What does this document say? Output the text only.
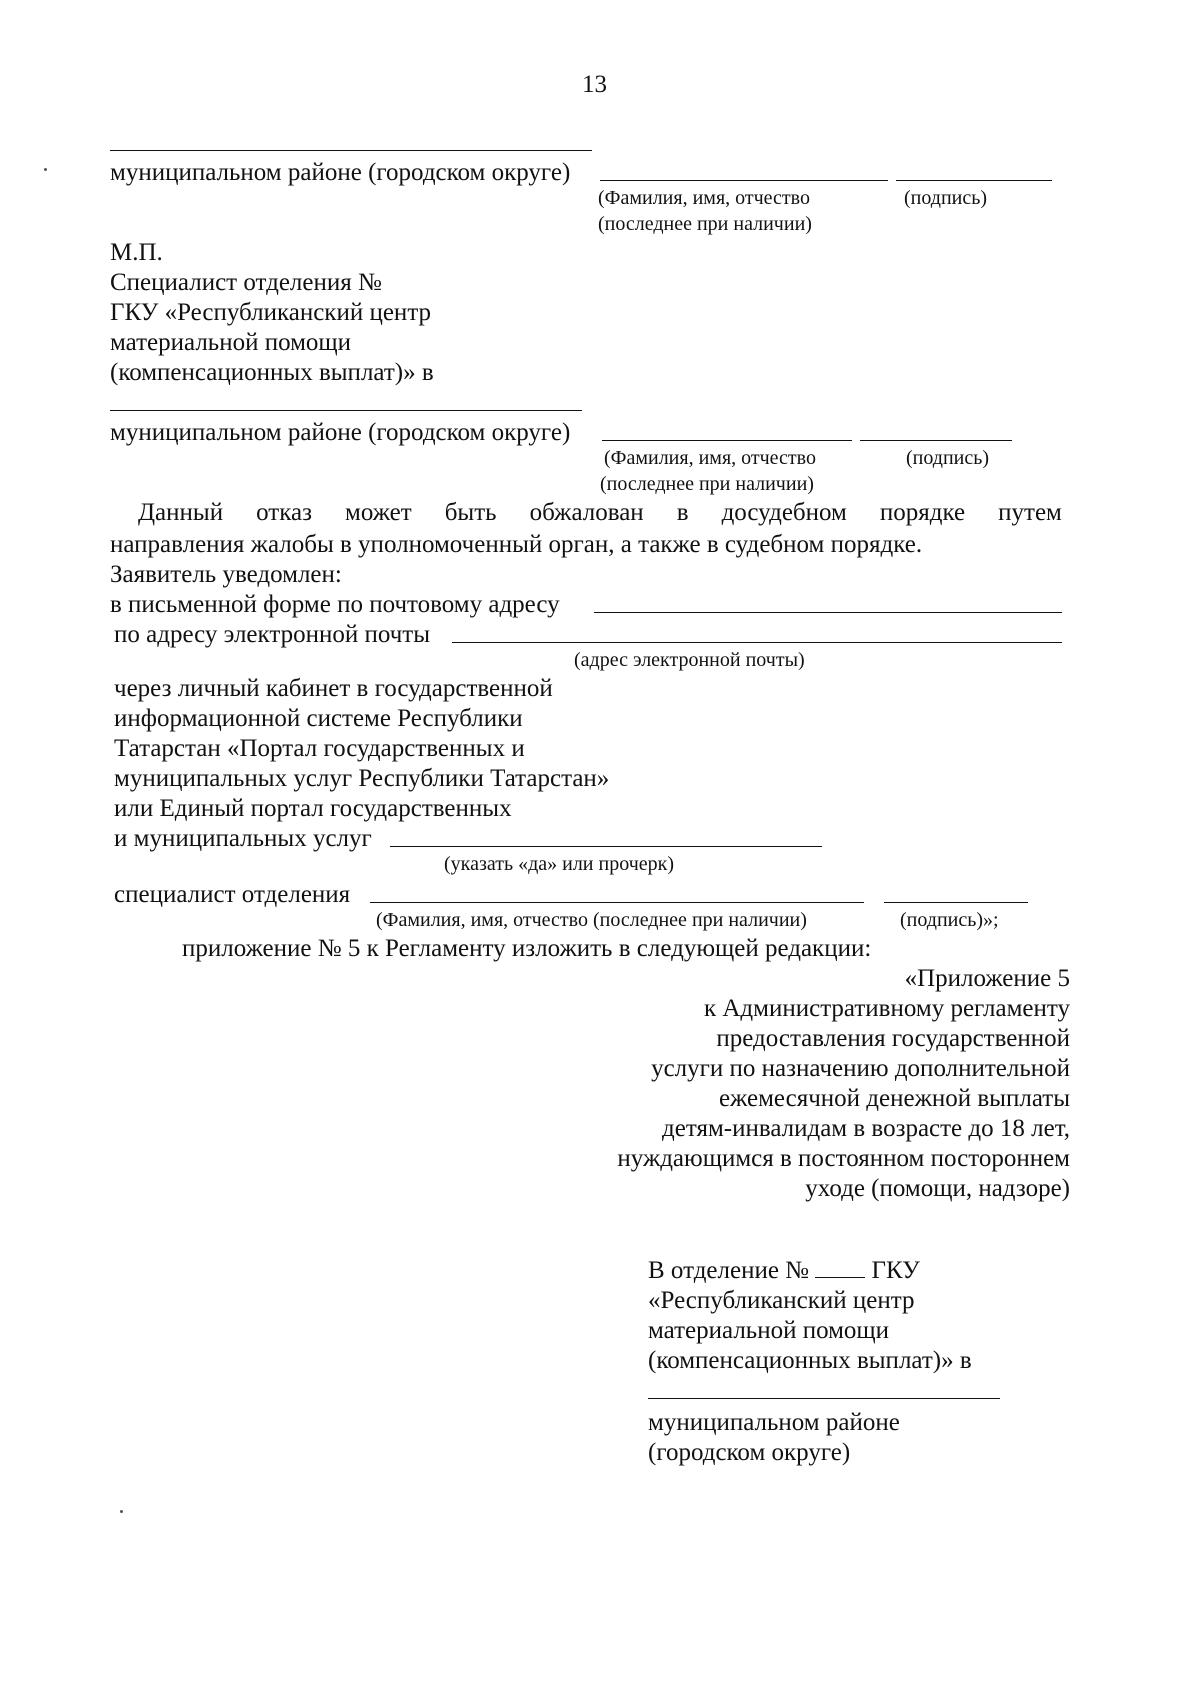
13
муниципальном районе (городском округе)
(Фамилия, имя, отчество	(подпись)
(последнее при наличии)
М.П.
Специалист отделения №
ГКУ «Республиканский центр
материальной помощи
(компенсационных выплат)» в
муниципальном районе (городском округе)
(Фамилия, имя, отчество	(подпись)
(последнее при наличии)
Данный отказ может быть обжалован в досудебном порядке путем
направления жалобы в уполномоченный орган, а также в судебном порядке.
Заявитель уведомлен:
в письменной форме по почтовому адресу
по адресу электронной почты
(адрес электронной почты)
через личный кабинет в государственной
информационной системе Республики
Татарстан «Портал государственных и
муниципальных услуг Республики Татарстан»
или Единый портал государственных
и муниципальных услуг
(указать «да» или прочерк)
специалист отделения
(Фамилия, имя, отчество (последнее при наличии)	(подпись)»;
приложение № 5 к Регламенту изложить в следующей редакции:
«Приложение 5
к Административному регламенту
предоставления государственной
услуги по назначению дополнительной
ежемесячной денежной выплаты
детям-инвалидам в возрасте до 18 лет,
нуждающимся в постоянном постороннем
уходе (помощи, надзоре)
В отделение №	ГКУ
«Республиканский центр
материальной помощи
(компенсационных выплат)» в
муниципальном районе
(городском округе)
